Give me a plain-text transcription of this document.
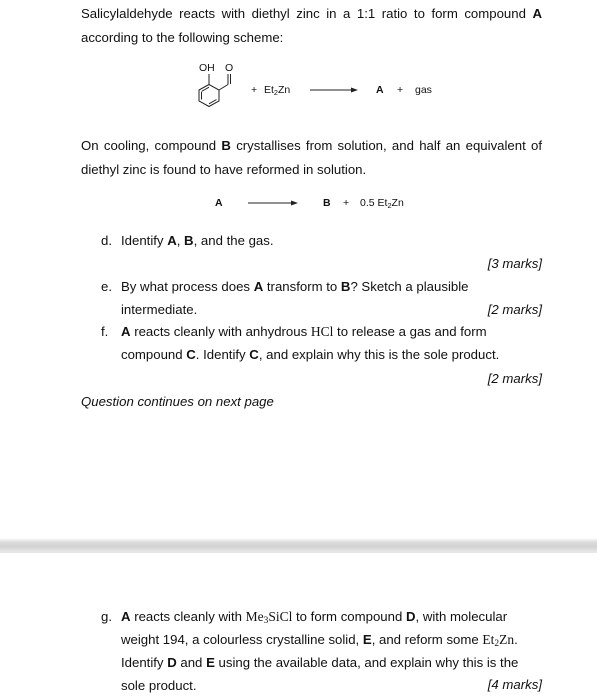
Salicylaldehyde reacts with diethyl zinc in a 1:1 ratio to form compound A according to the following scheme:
OH O
+ $Et_2Zn \to A$ + gas
On cooling, compound B crystallises from solution, and half an equivalent of diethyl zinc is found to have reformed in solution.
A	B + 0.5 $Et_2Zn$
d. Identify A, B, and the gas.
[3 marks]
e. By what process does A transform to B? Sketch a plausible intermediate.	[2 marks]
f. A reacts cleanly with anhydrous HCl to release a gas and form compound C. Identify C, and explain why this is the sole product.
[2 marks]
Question continues on next page
g. A reacts cleanly with $Me_3SiCl$ to form compound D, with molecular weight 194, a colourless crystalline solid, E, and reform some $Et_2Zn$. Identify D and E using the available data, and explain why this is the sole product.	[4 marks]
